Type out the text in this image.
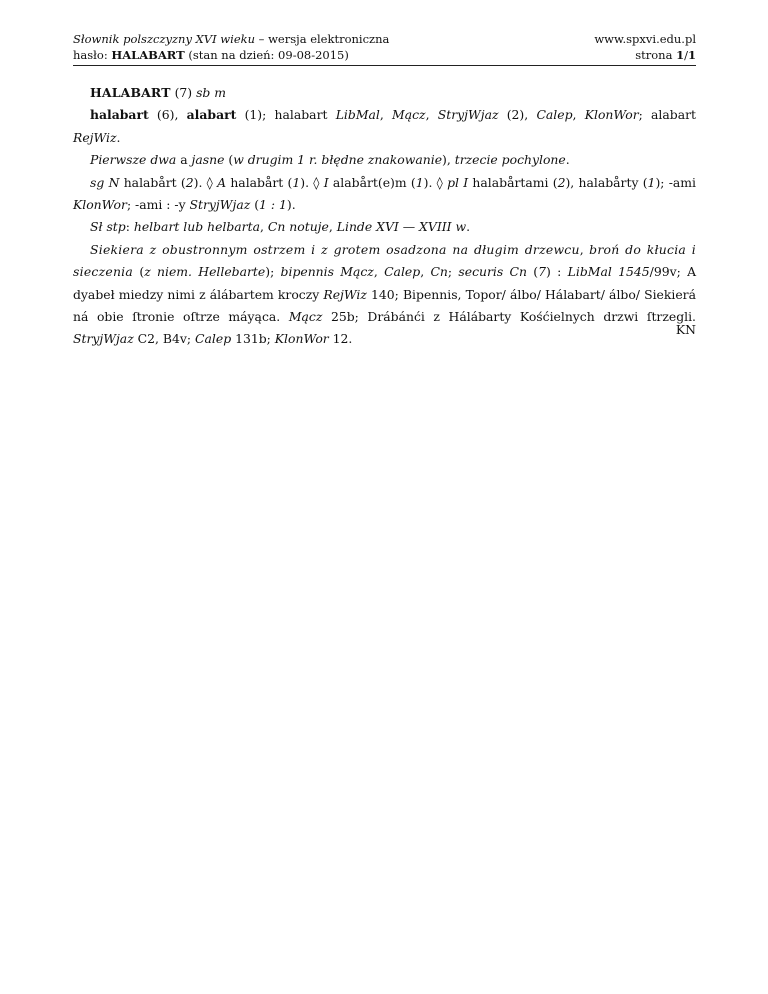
Słownik polszczyzny XVI wieku – wersja elektroniczna
hasło: HALABART (stan na dzień: 09-08-2015)
www.spxvi.edu.pl
strona 1/1

HALABART (7) sb m

halabart (6), alabart (1); halabart LibMal, Mącz, StryjWjaz (2), Calep, KlonWor; alabart RejWiz.

Pierwsze dwa a jasne (w drugim 1 r. błędne znakowanie), trzecie pochylone.

sg N halabårt (2). ◊ A halabårt (1). ◊ I alabårt(e)m (1). ◊ pl I halabårtami (2), halabårty (1); -ami KlonWor; -ami : -y StryjWjaz (1 : 1).

Sł stp: helbart lub helbarta, Cn notuje, Linde XVI — XVIII w.

Siekiera z obustronnym ostrzem i z grotem osadzona na długim drzewcu, broń do kłucia i sieczenia (z niem. Hellebarte); bipennis Mącz, Calep, Cn; securis Cn (7) : LibMal 1545/99v; A dyabeł miedzy nimi z álábartem kroczy RejWiz 140; Bipennis, Topor/ álbo/ Hálabart/ álbo/ Siekierá ná obie ſtronie oſtrze máyąca. Mącz 25b; Drábánći z Hálábarty Kośćielnych drzwi ſtrzegli. StryjWjaz C2, B4v; Calep 131b; KlonWor 12.

KN
